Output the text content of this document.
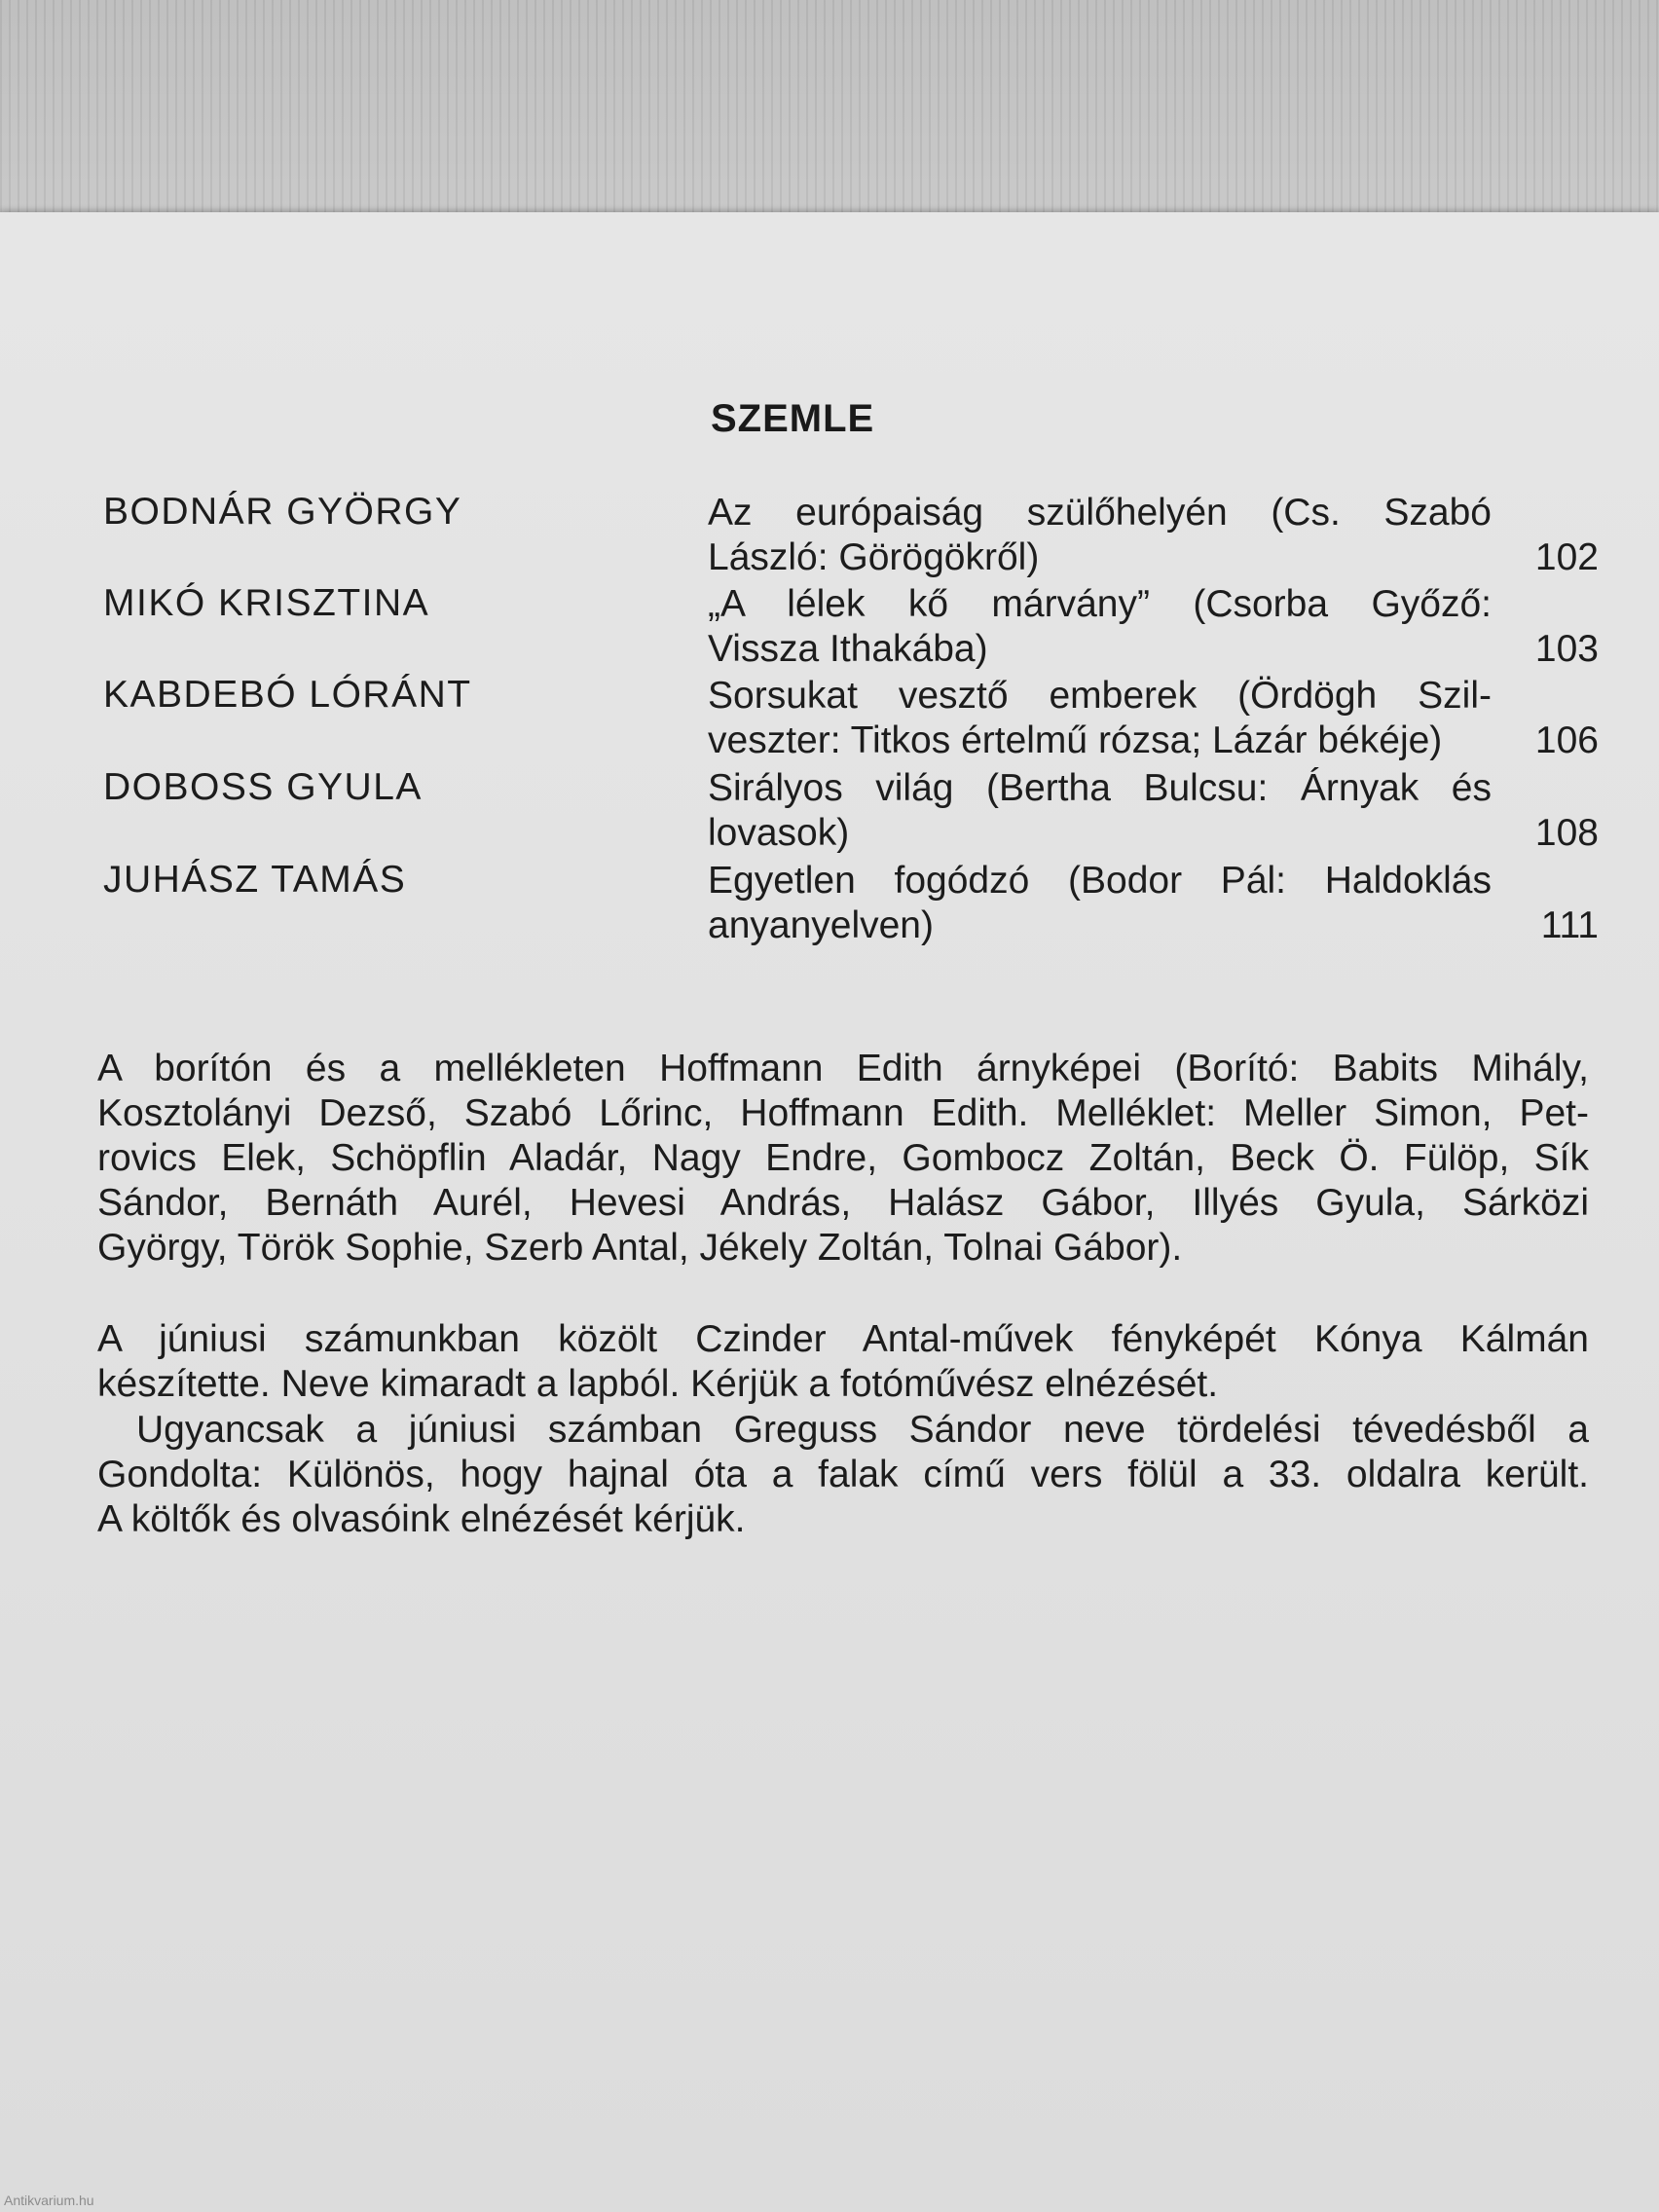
SZEMLE
BODNÁR GYÖRGY	Az európaiság szülőhelyén (Cs. Szabó
László: Görögökről)	102
MIKÓ KRISZTINA	„A lélek kő márvány” (Csorba Győző:
Vissza Ithakába)	103
KABDEBÓ LÓRÁNT	Sorsukat vesztő emberek (Ördögh Szil-
veszter: Titkos értelmű rózsa; Lázár békéje)	106
DOBOSS GYULA	Sirályos világ (Bertha Bulcsu: Árnyak és
lovasok)	108
JUHÁSZ TAMÁS	Egyetlen fogódzó (Bodor Pál: Haldoklás
anyanyelven)	111
A borítón és a mellékleten Hoffmann Edith árnyképei (Borító: Babits Mihály,
Kosztolányi Dezső, Szabó Lőrinc, Hoffmann Edith. Melléklet: Meller Simon, Pet-
rovics Elek, Schöpflin Aladár, Nagy Endre, Gombocz Zoltán, Beck Ö. Fülöp, Sík
Sándor, Bernáth Aurél, Hevesi András, Halász Gábor, Illyés Gyula, Sárközi
György, Török Sophie, Szerb Antal, Jékely Zoltán, Tolnai Gábor).
A júniusi számunkban közölt Czinder Antal-művek fényképét Kónya Kálmán
készítette. Neve kimaradt a lapból. Kérjük a fotóművész elnézését.
Ugyancsak a júniusi számban Greguss Sándor neve tördelési tévedésből a
Gondolta: Különös, hogy hajnal óta a falak című vers fölül a 33. oldalra került.
A költők és olvasóink elnézését kérjük.
Antikvarium.hu
